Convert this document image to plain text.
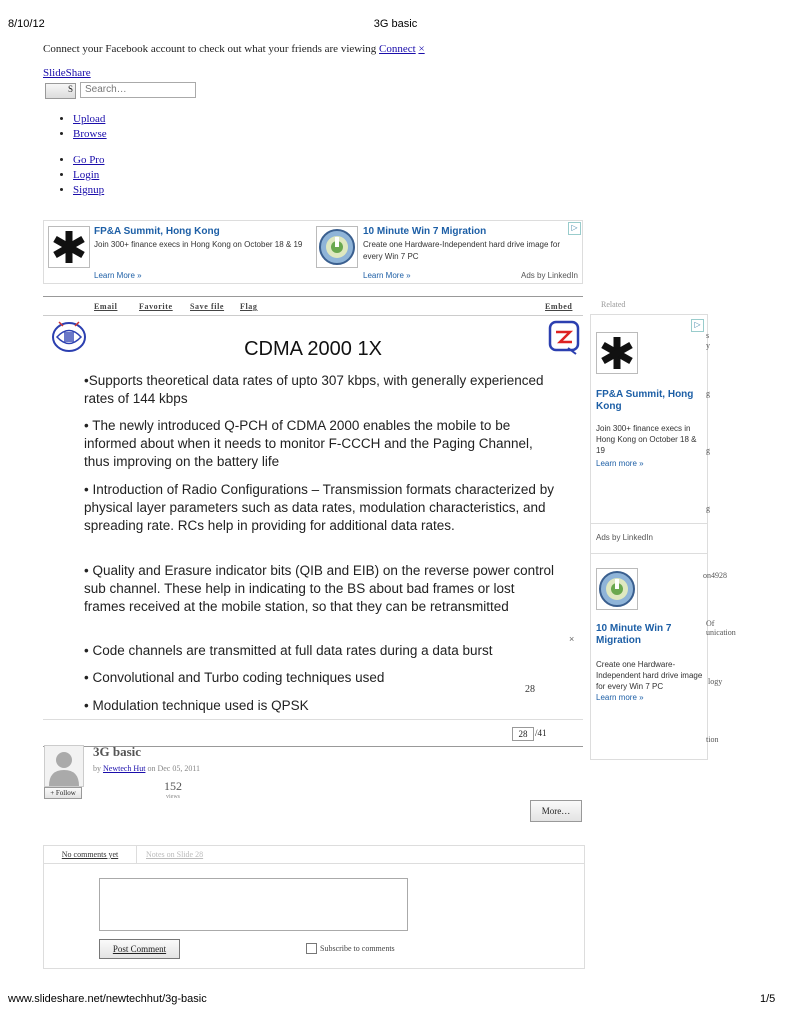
8/10/12	3G basic
Connect your Facebook account to check out what your friends are viewing Connect ×
SlideShare
S	Search…
• Upload
• Browse
• Go Pro
• Login
• Signup
FP&A Summit, Hong Kong
Join 300+ finance execs in Hong Kong on October 18 & 19
Learn More »
10 Minute Win 7 Migration
Create one Hardware-Independent hard drive image for every Win 7 PC
Learn More »	Ads by LinkedIn
▷
Email	Favorite Save file Flag	Embed
CDMA 2000 1X
•Supports theoretical data rates of upto 307 kbps, with generally experienced rates of 144 kbps
• The newly introduced Q-PCH of CDMA 2000 enables the mobile to be informed about when it needs to monitor F-CCCH and the Paging Channel, thus improving on the battery life
• Introduction of Radio Configurations – Transmission formats characterized by physical layer parameters such as data rates, modulation characteristics, and spreading rate. RCs help in providing for additional data rates.
• Quality and Erasure indicator bits (QIB and EIB) on the reverse power control sub channel. These help in indicating to the BS about bad frames or lost frames received at the mobile station, so that they can be retransmitted
• Code channels are transmitted at full data rates during a data burst
• Convolutional and Turbo coding techniques used
• Modulation technique used is QPSK
28
×
28 /41
Related
▷
FP&A Summit, Hong Kong
Join 300+ finance execs in Hong Kong on October 18 & 19
Learn more »
Ads by LinkedIn
10 Minute Win 7 Migration
Create one Hardware-Independent hard drive image for every Win 7 PC
Learn more »
s
y
g
g
g
on4928
Of
unication
logy
tion
+ Follow
3G basic
by Newtech Hut on Dec 05, 2011
152
views
More…
No comments yet	Notes on Slide 28
Post Comment	Subscribe to comments
www.slideshare.net/newtechhut/3g-basic	1/5
